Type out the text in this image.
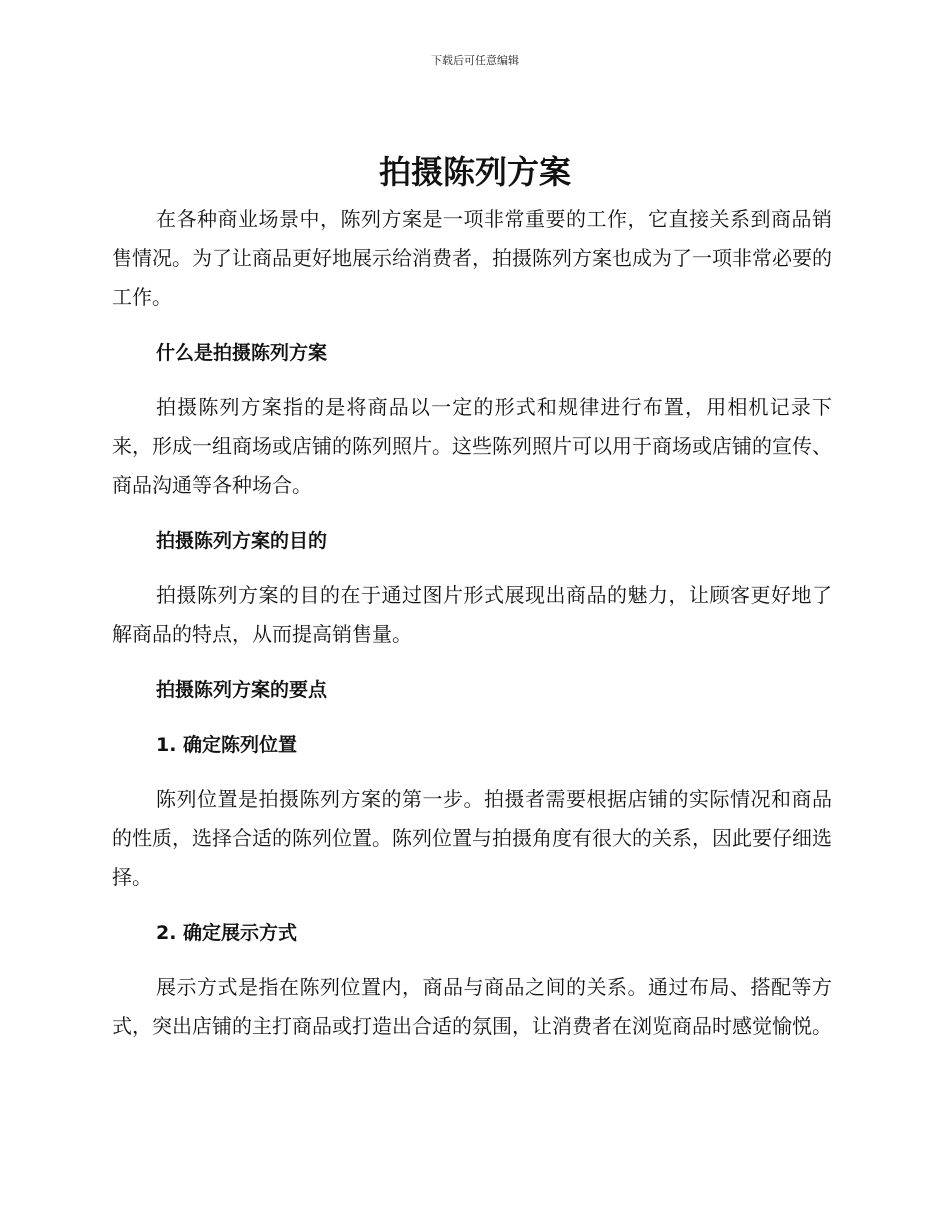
下载后可任意编辑
拍摄陈列方案

在各种商业场景中，陈列方案是一项非常重要的工作，它直接关系到商品销售情况。为了让商品更好地展示给消费者，拍摄陈列方案也成为了一项非常必要的工作。

什么是拍摄陈列方案

拍摄陈列方案指的是将商品以一定的形式和规律进行布置，用相机记录下来，形成一组商场或店铺的陈列照片。这些陈列照片可以用于商场或店铺的宣传、商品沟通等各种场合。

拍摄陈列方案的目的

拍摄陈列方案的目的在于通过图片形式展现出商品的魅力，让顾客更好地了解商品的特点，从而提高销售量。

拍摄陈列方案的要点
1. 确定陈列位置

陈列位置是拍摄陈列方案的第一步。拍摄者需要根据店铺的实际情况和商品的性质，选择合适的陈列位置。陈列位置与拍摄角度有很大的关系，因此要仔细选择。

2. 确定展示方式

展示方式是指在陈列位置内，商品与商品之间的关系。通过布局、搭配等方式，突出店铺的主打商品或打造出合适的氛围，让消费者在浏览商品时感觉愉悦。
